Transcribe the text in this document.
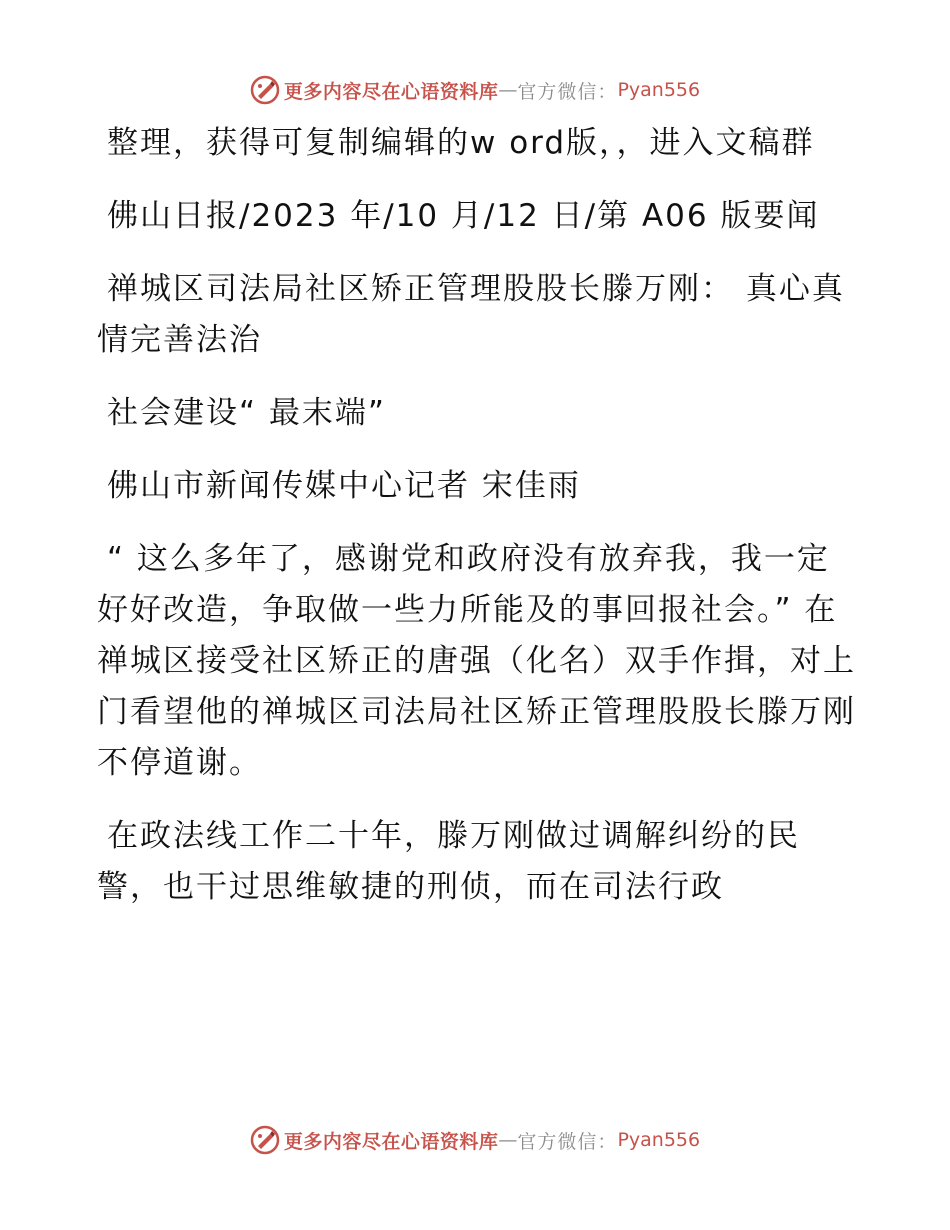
更多内容尽在心语资料库 — 官方微信： Pyan556

整理，获得可复制编辑的w ord版，，进入文稿群

佛山日报/2023 年/10 月/12 日/第 A06 版要闻

禅城区司法局社区矫正管理股股长滕万刚： 真心真情完善法治

社会建设“ 最末端”

佛山市新闻传媒中心记者 宋佳雨

“ 这么多年了，感谢党和政府没有放弃我，我一定好好改造，争取做一些力所能及的事回报社会。” 在禅城区接受社区矫正的唐强（化名）双手作揖，对上门看望他的禅城区司法局社区矫正管理股股长滕万刚不停道谢。

在政法线工作二十年，滕万刚做过调解纠纷的民警，也干过思维敏捷的刑侦，而在司法行政

更多内容尽在心语资料库 — 官方微信： Pyan556
